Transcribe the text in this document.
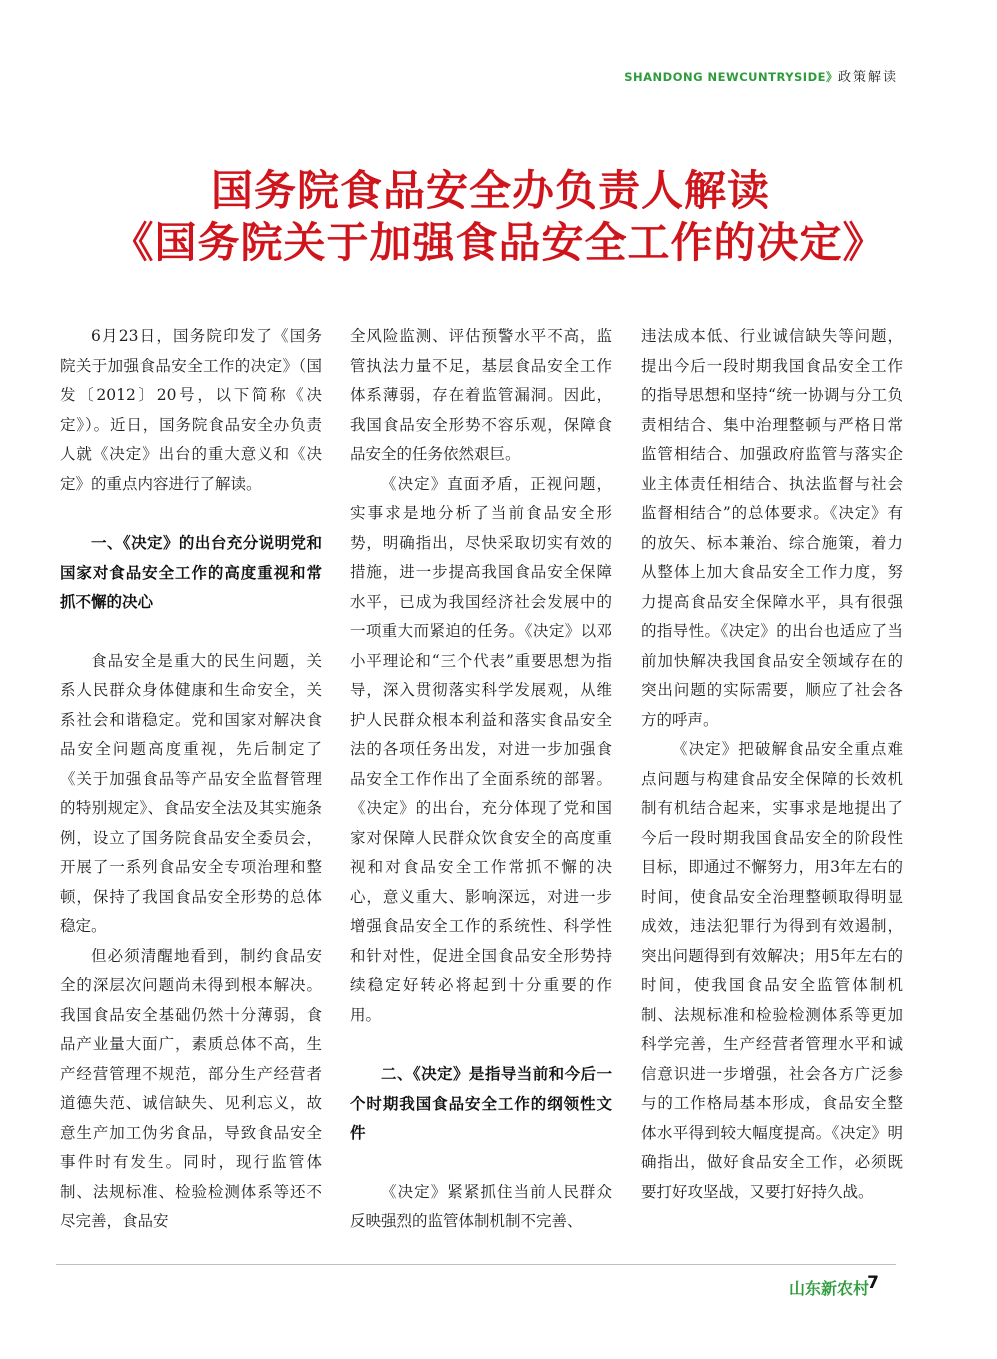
SHANDONG NEWCUNTRYSIDE》政策解读
国务院食品安全办负责人解读
《国务院关于加强食品安全工作的决定》

6月23日，国务院印发了《国务院关于加强食品安全工作的决定》（国发〔2012〕20号，以下简称《决定》）。近日，国务院食品安全办负责人就《决定》出台的重大意义和《决定》的重点内容进行了解读。

一、《决定》的出台充分说明党和国家对食品安全工作的高度重视和常抓不懈的决心

食品安全是重大的民生问题，关系人民群众身体健康和生命安全，关系社会和谐稳定。党和国家对解决食品安全问题高度重视，先后制定了《关于加强食品等产品安全监督管理的特别规定》、食品安全法及其实施条例，设立了国务院食品安全委员会，开展了一系列食品安全专项治理和整顿，保持了我国食品安全形势的总体稳定。

但必须清醒地看到，制约食品安全的深层次问题尚未得到根本解决。我国食品安全基础仍然十分薄弱，食品产业量大面广，素质总体不高，生产经营管理不规范，部分生产经营者道德失范、诚信缺失、见利忘义，故意生产加工伪劣食品，导致食品安全事件时有发生。同时，现行监管体制、法规标准、检验检测体系等还不尽完善，食品安

全风险监测、评估预警水平不高，监管执法力量不足，基层食品安全工作体系薄弱，存在着监管漏洞。因此，我国食品安全形势不容乐观，保障食品安全的任务依然艰巨。

《决定》直面矛盾，正视问题，实事求是地分析了当前食品安全形势，明确指出，尽快采取切实有效的措施，进一步提高我国食品安全保障水平，已成为我国经济社会发展中的一项重大而紧迫的任务。《决定》以邓小平理论和“三个代表”重要思想为指导，深入贯彻落实科学发展观，从维护人民群众根本利益和落实食品安全法的各项任务出发，对进一步加强食品安全工作作出了全面系统的部署。《决定》的出台，充分体现了党和国家对保障人民群众饮食安全的高度重视和对食品安全工作常抓不懈的决心，意义重大、影响深远，对进一步增强食品安全工作的系统性、科学性和针对性，促进全国食品安全形势持续稳定好转必将起到十分重要的作用。

二、《决定》是指导当前和今后一个时期我国食品安全工作的纲领性文件

《决定》紧紧抓住当前人民群众反映强烈的监管体制机制不完善、

违法成本低、行业诚信缺失等问题，提出今后一段时期我国食品安全工作的指导思想和坚持“统一协调与分工负责相结合、集中治理整顿与严格日常监管相结合、加强政府监管与落实企业主体责任相结合、执法监督与社会监督相结合”的总体要求。《决定》有的放矢、标本兼治、综合施策，着力从整体上加大食品安全工作力度，努力提高食品安全保障水平，具有很强的指导性。《决定》的出台也适应了当前加快解决我国食品安全领域存在的突出问题的实际需要，顺应了社会各方的呼声。

《决定》把破解食品安全重点难点问题与构建食品安全保障的长效机制有机结合起来，实事求是地提出了今后一段时期我国食品安全的阶段性目标，即通过不懈努力，用3年左右的时间，使食品安全治理整顿取得明显成效，违法犯罪行为得到有效遏制，突出问题得到有效解决；用5年左右的时间，使我国食品安全监管体制机制、法规标准和检验检测体系等更加科学完善，生产经营者管理水平和诚信意识进一步增强，社会各方广泛参与的工作格局基本形成，食品安全整体水平得到较大幅度提高。《决定》明确指出，做好食品安全工作，必须既要打好攻坚战，又要打好持久战。

山东新农村
7
